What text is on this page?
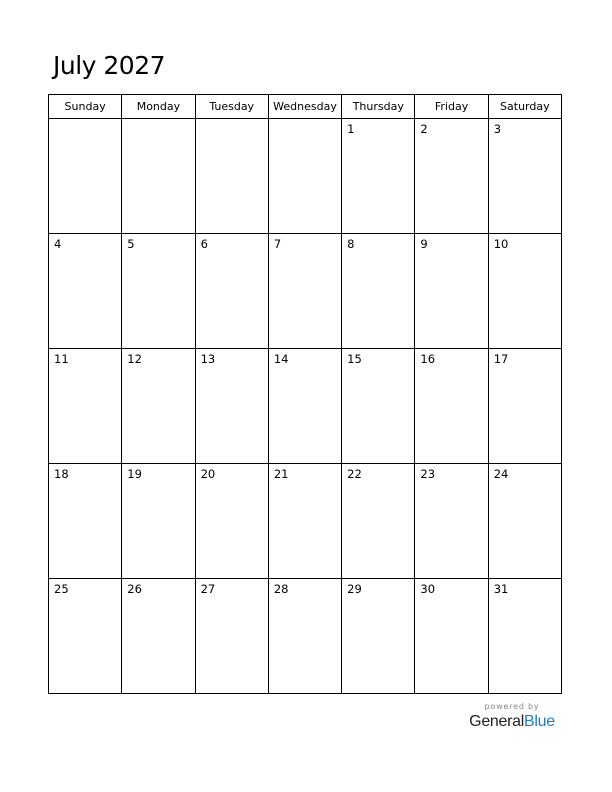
July 2027
Sunday	Monday	Tuesday	Wednesday	Thursday	Friday	Saturday

				1	2	3

4	5	6	7	8	9	10

11	12	13	14	15	16	17

18	19	20	21	22	23	24

25	26	27	28	29	30	31
powered by
GeneralBlue
